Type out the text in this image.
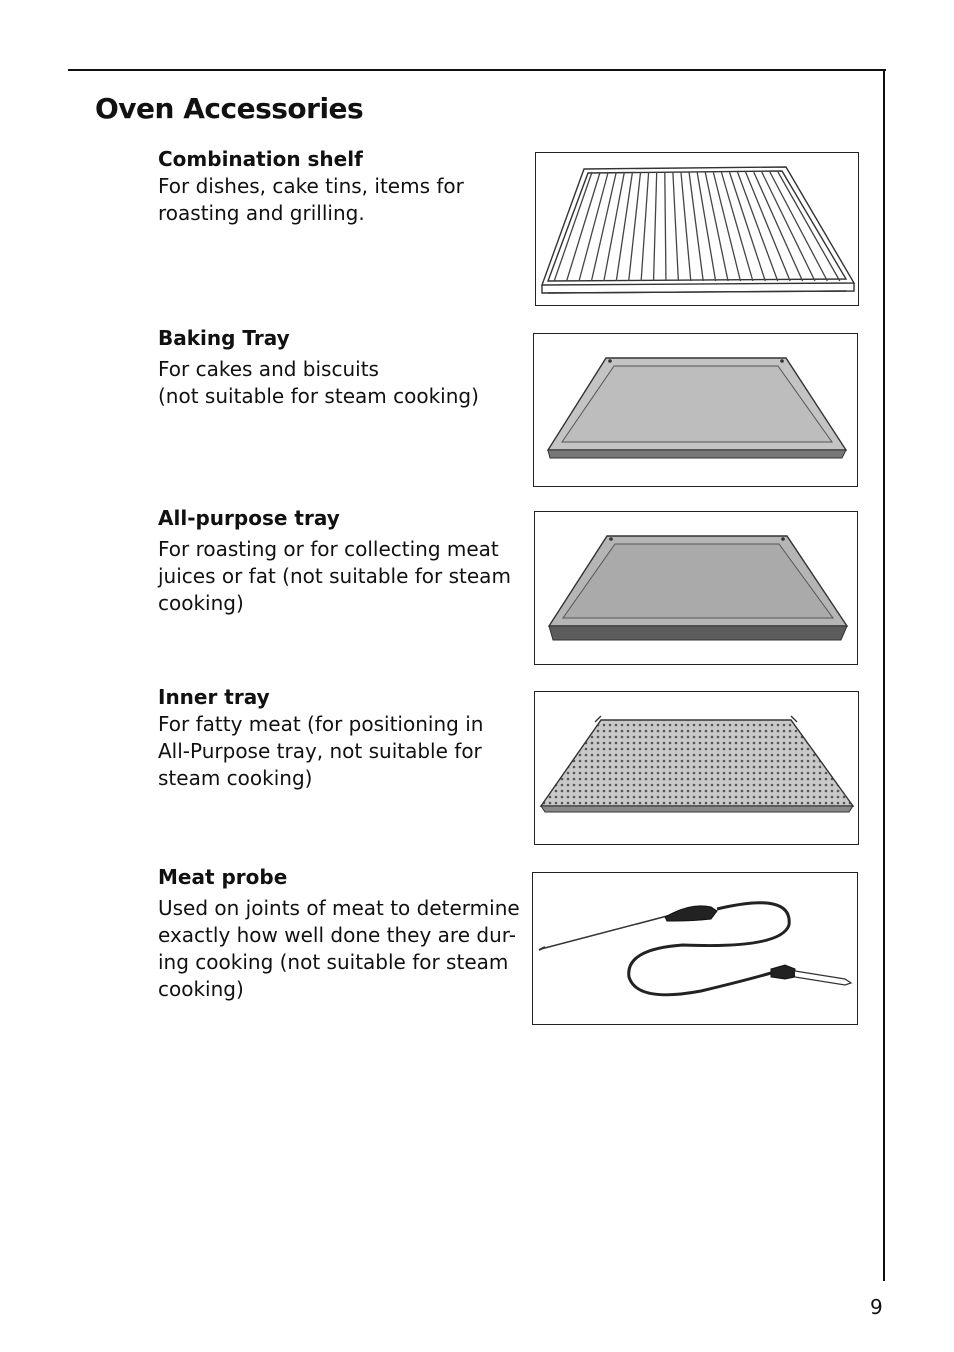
Oven Accessories

Combination shelf

For dishes, cake tins, items for
roasting and grilling.

Baking Tray

For cakes and biscuits
(not suitable for steam cooking)

All-purpose tray

For roasting or for collecting meat
juices or fat (not suitable for steam
cooking)

Inner tray

For fatty meat (for positioning in
All-Purpose tray, not suitable for
steam cooking)

Meat probe

Used on joints of meat to determine
exactly how well done they are dur-
ing cooking (not suitable for steam
cooking)

9
